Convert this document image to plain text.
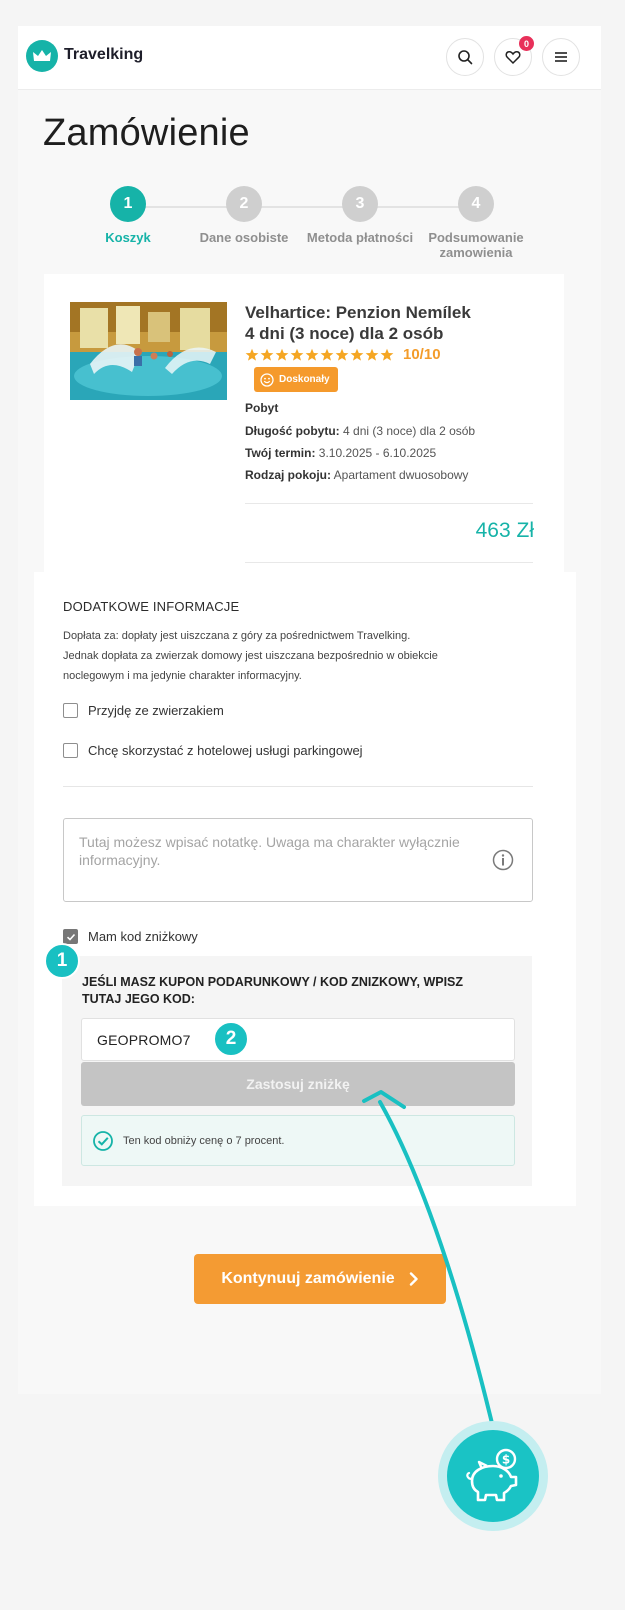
Travelking
0
Zamówienie
1
Koszyk
2
Dane osobiste
3
Metoda płatności
4
Podsumowanie zamowienia
Velhartice: Penzion Nemílek
4 dni (3 noce) dla 2 osób
10/10
Doskonały
Pobyt
Długość pobytu: 4 dni (3 noce) dla 2 osób
Twój termin: 3.10.2025 - 6.10.2025
Rodzaj pokoju: Apartament dwuosobowy
463 Zł
DODATKOWE INFORMACJE
Dopłata za: dopłaty jest uiszczana z góry za pośrednictwem Travelking.
Jednak dopłata za zwierzak domowy jest uiszczana bezpośrednio w obiekcie
noclegowym i ma jedynie charakter informacyjny.
Przyjdę ze zwierzakiem
Chcę skorzystać z hotelowej usługi parkingowej
Tutaj możesz wpisać notatkę. Uwaga ma charakter wyłącznie informacyjny.
Mam kod zniżkowy
JEŚLI MASZ KUPON PODARUNKOWY / KOD ZNIZKOWY, WPISZ TUTAJ JEGO KOD:
GEOPROMO7
Zastosuj zniżkę
Ten kod obniży cenę o 7 procent.
Kontynuuj zamówienie
1
2
$
